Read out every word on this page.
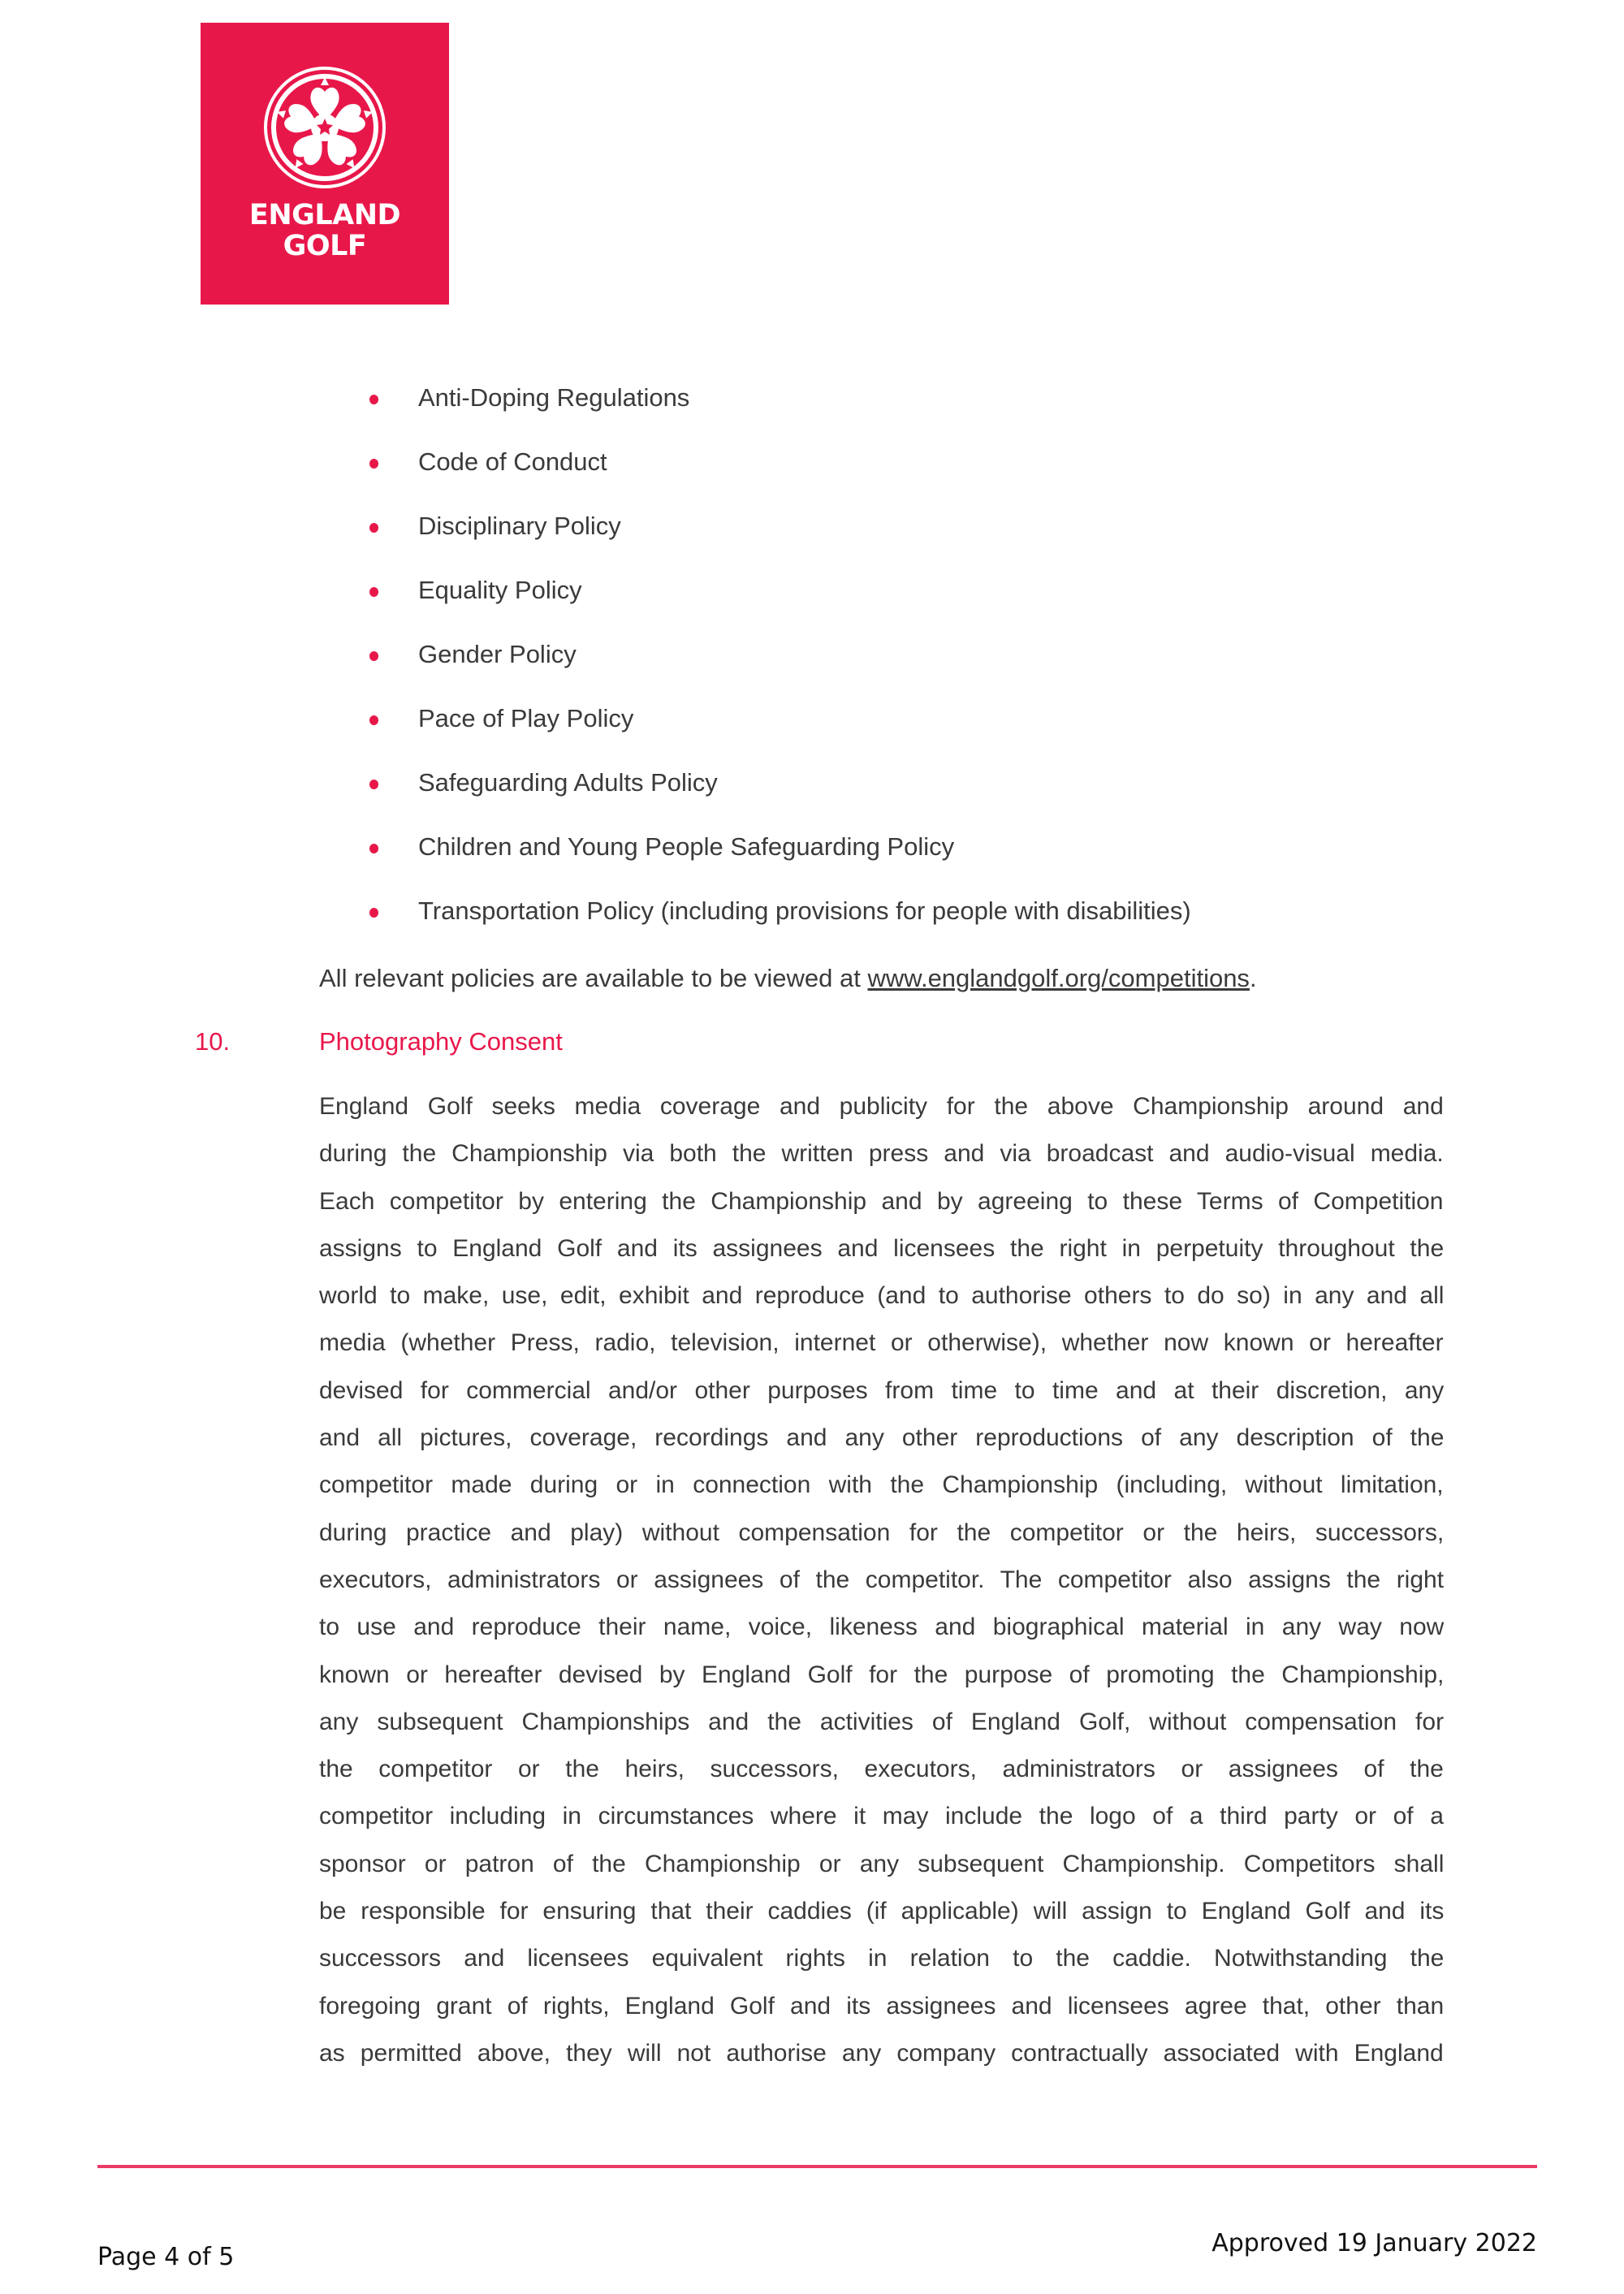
ENGLAND
GOLF
Anti-Doping Regulations
Code of Conduct
Disciplinary Policy
Equality Policy
Gender Policy
Pace of Play Policy
Safeguarding Adults Policy
Children and Young People Safeguarding Policy
Transportation Policy (including provisions for people with disabilities)
All relevant policies are available to be viewed at www.englandgolf.org/competitions.
10.	Photography Consent
England Golf seeks media coverage and publicity for the above Championship around and
during the Championship via both the written press and via broadcast and audio-visual media.
Each competitor by entering the Championship and by agreeing to these Terms of Competition
assigns to England Golf and its assignees and licensees the right in perpetuity throughout the
world to make, use, edit, exhibit and reproduce (and to authorise others to do so) in any and all
media (whether Press, radio, television, internet or otherwise), whether now known or hereafter
devised for commercial and/or other purposes from time to time and at their discretion, any
and all pictures, coverage, recordings and any other reproductions of any description of the
competitor made during or in connection with the Championship (including, without limitation,
during practice and play) without compensation for the competitor or the heirs, successors,
executors, administrators or assignees of the competitor. The competitor also assigns the right
to use and reproduce their name, voice, likeness and biographical material in any way now
known or hereafter devised by England Golf for the purpose of promoting the Championship,
any subsequent Championships and the activities of England Golf, without compensation for
the competitor or the heirs, successors, executors, administrators or assignees of the
competitor including in circumstances where it may include the logo of a third party or of a
sponsor or patron of the Championship or any subsequent Championship. Competitors shall
be responsible for ensuring that their caddies (if applicable) will assign to England Golf and its
successors and licensees equivalent rights in relation to the caddie. Notwithstanding the
foregoing grant of rights, England Golf and its assignees and licensees agree that, other than
as permitted above, they will not authorise any company contractually associated with England
Page 4 of 5	Approved 19 January 2022
